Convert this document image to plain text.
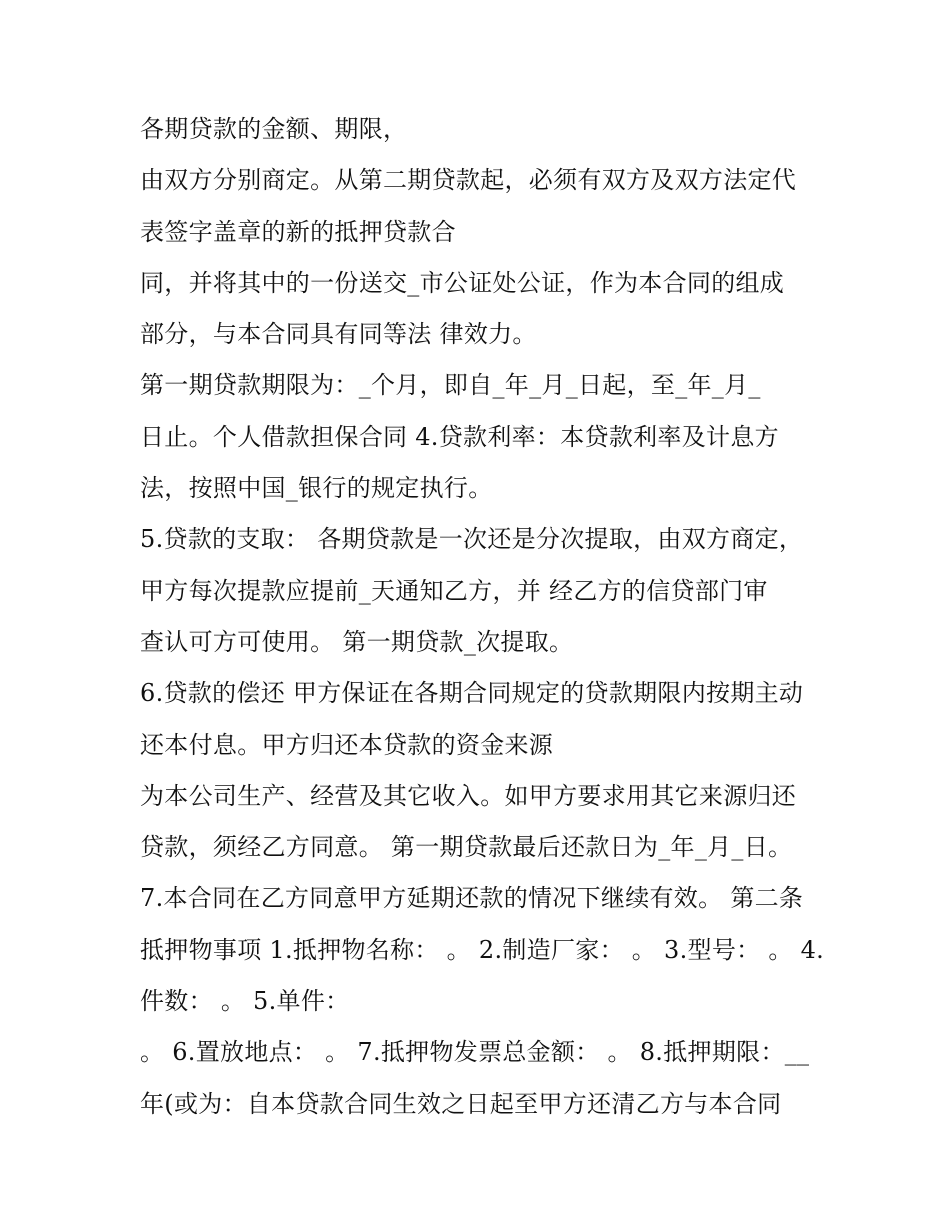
各期贷款的金额、期限，
由双方分别商定。从第二期贷款起，必须有双方及双方法定代
表签字盖章的新的抵押贷款合
同，并将其中的一份送交_市公证处公证，作为本合同的组成
部分，与本合同具有同等法 律效力。
第一期贷款期限为：_个月，即自_年_月_日起，至_年_月_
日止。个人借款担保合同 4.贷款利率：本贷款利率及计息方
法，按照中国_银行的规定执行。
5.贷款的支取： 各期贷款是一次还是分次提取，由双方商定，
甲方每次提款应提前_天通知乙方，并 经乙方的信贷部门审
查认可方可使用。 第一期贷款_次提取。
6.贷款的偿还 甲方保证在各期合同规定的贷款期限内按期主动
还本付息。甲方归还本贷款的资金来源
为本公司生产、经营及其它收入。如甲方要求用其它来源归还
贷款，须经乙方同意。 第一期贷款最后还款日为_年_月_日。
7.本合同在乙方同意甲方延期还款的情况下继续有效。 第二条
抵押物事项 1.抵押物名称： 。 2.制造厂家： 。 3.型号： 。 4.
件数： 。 5.单件：
。 6.置放地点： 。 7.抵押物发票总金额： 。 8.抵押期限：__
年(或为：自本贷款合同生效之日起至甲方还清乙方与本合同
